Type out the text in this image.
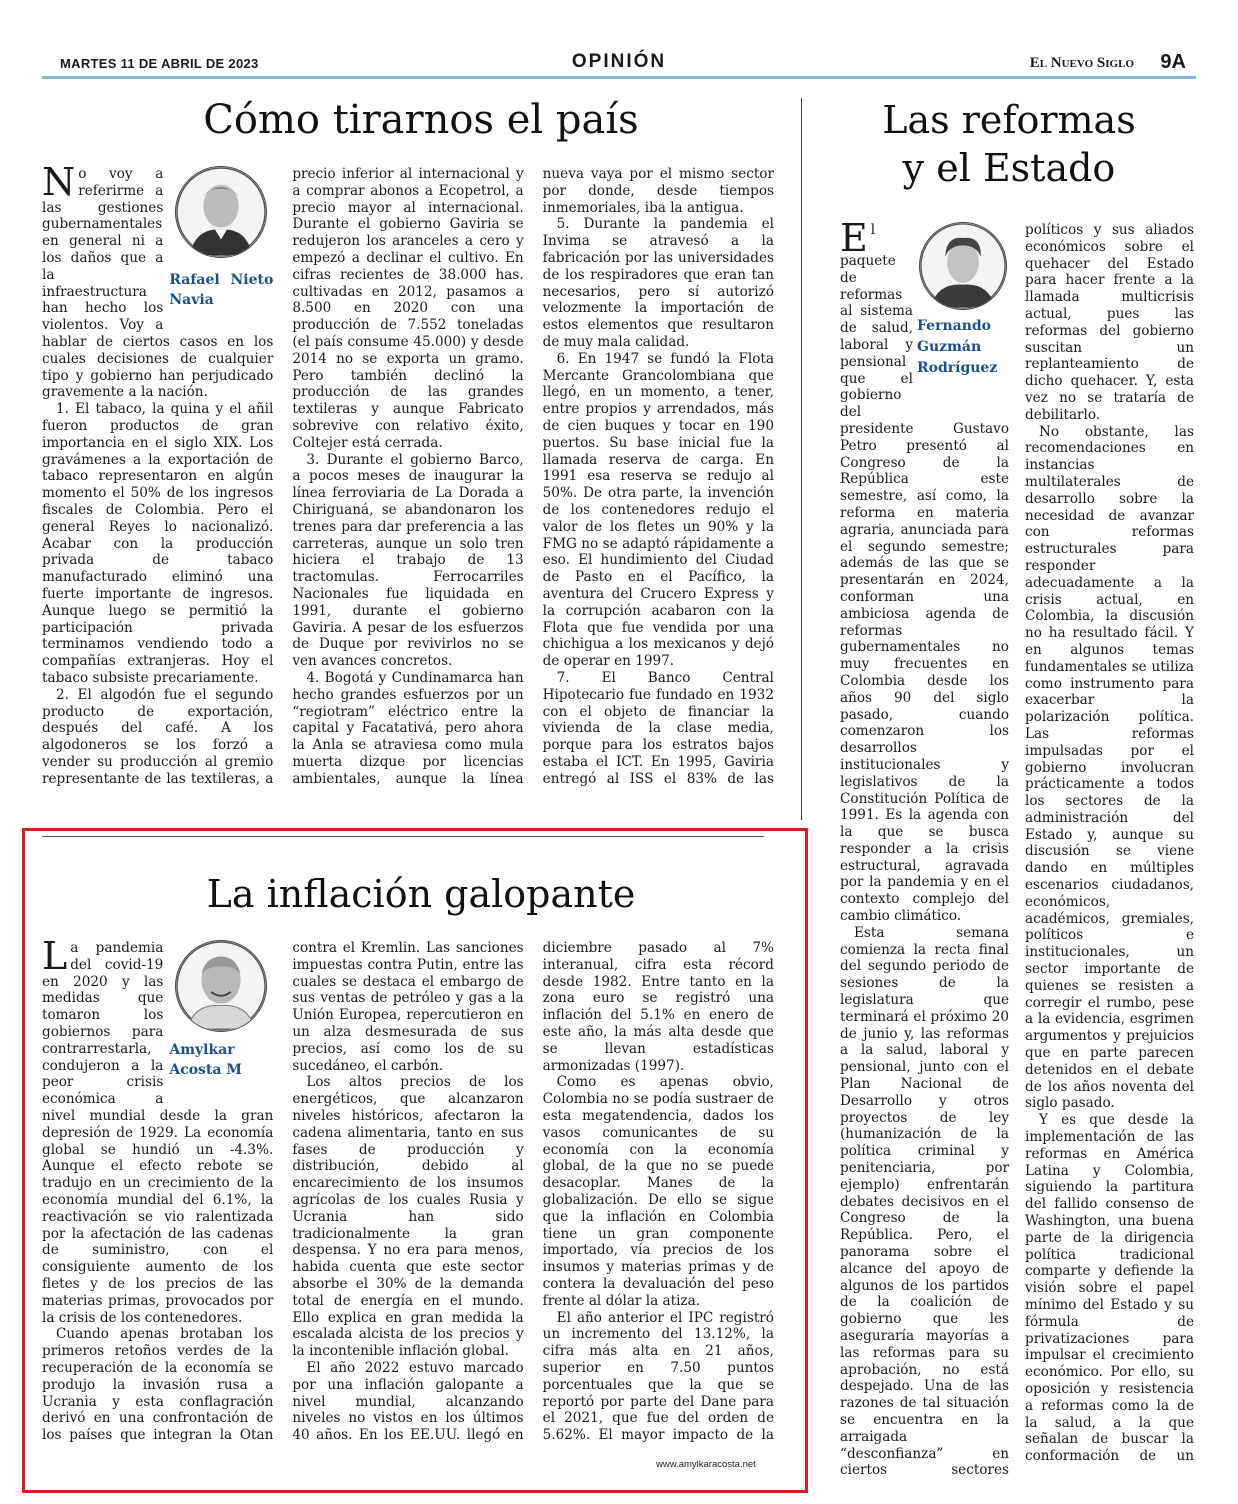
MARTES 11 DE ABRIL DE 2023	OPINIÓN	El Nuevo Siglo 9A
Cómo tirarnos el país	Las reformas y el Estado
La inflación galopante
Rafael Nieto Navia

No voy a referirme a las gestiones gubernamentales en general ni a los daños que a la infraestructura han hecho los violentos. Voy a hablar de ciertos casos en los cuales decisiones de cualquier tipo y gobierno han perjudicado gravemente a la nación.

1. El tabaco, la quina y el añil fueron productos de gran importancia en el siglo XIX. Los gravámenes a la exportación de tabaco representaron en algún momento el 50% de los ingresos fiscales de Colombia. Pero el general Reyes lo nacionalizó. Acabar con la producción privada de tabaco manufacturado eliminó una fuerte importante de ingresos. Aunque luego se permitió la participación privada terminamos vendiendo todo a compañías extranjeras. Hoy el tabaco subsiste precariamente.

2. El algodón fue el segundo producto de exportación, después del café. A los algodoneros se los forzó a vender su producción al gremio representante de las textileras, a precio inferior al internacional y a comprar abonos a Ecopetrol, a precio mayor al internacional. Durante el gobierno Gaviria se redujeron los aranceles a cero y empezó a declinar el cultivo. En cifras recientes de 38.000 has. cultivadas en 2012, pasamos a 8.500 en 2020 con una producción de 7.552 toneladas (el país consume 45.000) y desde 2014 no se exporta un gramo. Pero también declinó la producción de las grandes textileras y aunque Fabricato sobrevive con relativo éxito, Coltejer está cerrada.

3. Durante el gobierno Barco, a pocos meses de inaugurar la línea ferroviaria de La Dorada a Chiriguaná, se abandonaron los trenes para dar preferencia a las carreteras, aunque un solo tren hiciera el trabajo de 13 tractomulas. Ferrocarriles Nacionales fue liquidada en 1991, durante el gobierno Gaviria. A pesar de los esfuerzos de Duque por revivirlos no se ven avances concretos.

4. Bogotá y Cundinamarca han hecho grandes esfuerzos por un “regiotram” eléctrico entre la capital y Facatativá, pero ahora la Anla se atraviesa como mula muerta dizque por licencias ambientales, aunque la línea nueva vaya por el mismo sector por donde, desde tiempos inmemoriales, iba la antigua.

5. Durante la pandemia el Invima se atravesó a la fabricación por las universidades de los respiradores que eran tan necesarios, pero sí autorizó velozmente la importación de estos elementos que resultaron de muy mala calidad.

6. En 1947 se fundó la Flota Mercante Grancolombiana que llegó, en un momento, a tener, entre propios y arrendados, más de cien buques y tocar en 190 puertos. Su base inicial fue la llamada reserva de carga. En 1991 esa reserva se redujo al 50%. De otra parte, la invención de los contenedores redujo el valor de los fletes un 90% y la FMG no se adaptó rápidamente a eso. El hundimiento del Ciudad de Pasto en el Pacífico, la aventura del Crucero Express y la corrupción acabaron con la Flota que fue vendida por una chichigua a los mexicanos y dejó de operar en 1997.

7. El Banco Central Hipotecario fue fundado en 1932 con el objeto de financiar la vivienda de la clase media, porque para los estratos bajos estaba el ICT. En 1995, Gaviria entregó al ISS el 83% de las

Fernando Guzmán Rodríguez

El paquete de reformas al sistema de salud, laboral y pensional que el gobierno del presidente Gustavo Petro presentó al Congreso de la República este semestre, así como, la reforma en materia agraria, anunciada para el segundo semestre; además de las que se presentarán en 2024, conforman una ambiciosa agenda de reformas gubernamentales no muy frecuentes en Colombia desde los años 90 del siglo pasado, cuando comenzaron los desarrollos institucionales y legislativos de la Constitución Política de 1991. Es la agenda con la que se busca responder a la crisis estructural, agravada por la pandemia y en el contexto complejo del cambio climático.

Esta semana comienza la recta final del segundo periodo de sesiones de la legislatura que terminará el próximo 20 de junio y, las reformas a la salud, laboral y pensional, junto con el Plan Nacional de Desarrollo y otros proyectos de ley (humanización de la política criminal y penitenciaria, por ejemplo) enfrentarán debates decisivos en el Congreso de la República. Pero, el panorama sobre el alcance del apoyo de algunos de los partidos de la coalición de gobierno que les aseguraría mayorías a las reformas para su aprobación, no está despejado. Una de las razones de tal situación se encuentra en la arraigada “desconfianza” en ciertos sectores políticos y sus aliados económicos sobre el quehacer del Estado para hacer frente a la llamada multicrisis actual, pues las reformas del gobierno suscitan un replanteamiento de dicho quehacer. Y, esta vez no se trataría de debilitarlo.

No obstante, las recomendaciones en instancias multilaterales de desarrollo sobre la necesidad de avanzar con reformas estructurales para responder adecuadamente a la crisis actual, en Colombia, la discusión no ha resultado fácil. Y en algunos temas fundamentales se utiliza como instrumento para exacerbar la polarización política. Las reformas impulsadas por el gobierno involucran prácticamente a todos los sectores de la administración del Estado y, aunque su discusión se viene dando en múltiples escenarios ciudadanos, económicos, académicos, gremiales, políticos e institucionales, un sector importante de quienes se resisten a corregir el rumbo, pese a la evidencia, esgrimen argumentos y prejuicios que en parte parecen detenidos en el debate de los años noventa del siglo pasado.

Y es que desde la implementación de las reformas en América Latina y Colombia, siguiendo la partitura del fallido consenso de Washington, una buena parte de la dirigencia política tradicional comparte y defiende la visión sobre el papel mínimo del Estado y su fórmula de privatizaciones para impulsar el crecimiento económico. Por ello, su oposición y resistencia a reformas como la de la salud, a la que señalan de buscar la conformación de un

Amylkar Acosta M

La pandemia del covid-19 en 2020 y las medidas que tomaron los gobiernos para contrarrestarla, condujeron a la peor crisis económica a nivel mundial desde la gran depresión de 1929. La economía global se hundió un -4.3%. Aunque el efecto rebote se tradujo en un crecimiento de la economía mundial del 6.1%, la reactivación se vio ralentizada por la afectación de las cadenas de suministro, con el consiguiente aumento de los fletes y de los precios de las materias primas, provocados por la crisis de los contenedores.

Cuando apenas brotaban los primeros retoños verdes de la recuperación de la economía se produjo la invasión rusa a Ucrania y esta conflagración derivó en una confrontación de los países que integran la Otan contra el Kremlin. Las sanciones impuestas contra Putin, entre las cuales se destaca el embargo de sus ventas de petróleo y gas a la Unión Europea, repercutieron en un alza desmesurada de sus precios, así como los de su sucedáneo, el carbón.

Los altos precios de los energéticos, que alcanzaron niveles históricos, afectaron la cadena alimentaria, tanto en sus fases de producción y distribución, debido al encarecimiento de los insumos agrícolas de los cuales Rusia y Ucrania han sido tradicionalmente la gran despensa. Y no era para menos, habida cuenta que este sector absorbe el 30% de la demanda total de energía en el mundo. Ello explica en gran medida la escalada alcista de los precios y la incontenible inflación global.

El año 2022 estuvo marcado por una inflación galopante a nivel mundial, alcanzando niveles no vistos en los últimos 40 años. En los EE.UU. llegó en diciembre pasado al 7% interanual, cifra esta récord desde 1982. Entre tanto en la zona euro se registró una inflación del 5.1% en enero de este año, la más alta desde que se llevan estadísticas armonizadas (1997).

Como es apenas obvio, Colombia no se podía sustraer de esta megatendencia, dados los vasos comunicantes de su economía con la economía global, de la que no se puede desacoplar. Manes de la globalización. De ello se sigue que la inflación en Colombia tiene un gran componente importado, vía precios de los insumos y materias primas y de contera la devaluación del peso frente al dólar la atiza.

El año anterior el IPC registró un incremento del 13.12%, la cifra más alta en 21 años, superior en 7.50 puntos porcentuales que la que se reportó por parte del Dane para el 2021, que fue del orden de 5.62%. El mayor impacto de la

www.amylkaracosta.net
